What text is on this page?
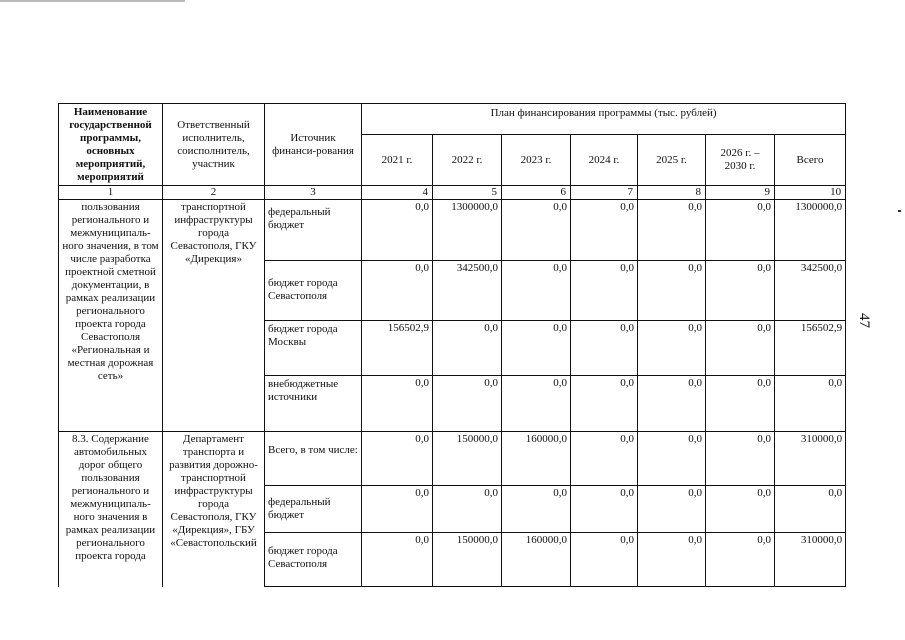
47
Наименование государственной программы, основных мероприятий, мероприятий	Ответственный исполнитель, соисполнитель, участник	Источник финанси-рования	План финансирования программы (тыс. рублей)						
			2021 г.	2022 г.	2023 г.	2024 г.	2025 г.	2026 г. – 2030 г.	Всего
1	2	3	4	5	6	7	8	9	10
пользования регионального и межмуниципаль-ного значения, в том числе разработка проектной сметной документации, в рамках реализации регионального проекта города Севастополя «Региональная и местная дорожная сеть»	транспортной инфраструктуры города Севастополя, ГКУ «Дирекция»	федеральный бюджет	0,0	1300000,0	0,0	0,0	0,0	0,0	1300000,0
		бюджет города Севастополя	0,0	342500,0	0,0	0,0	0,0	0,0	342500,0
		бюджет города Москвы	156502,9	0,0	0,0	0,0	0,0	0,0	156502,9
		внебюджетные источники	0,0	0,0	0,0	0,0	0,0	0,0	0,0
8.3. Содержание автомобильных дорог общего пользования регионального и межмуниципаль-ного значения в рамках реализации регионального проекта города	Департамент транспорта и развития дорожно-транспортной инфраструктуры города Севастополя, ГКУ «Дирекция», ГБУ «Севастопольский	Всего, в том числе:	0,0	150000,0	160000,0	0,0	0,0	0,0	310000,0
		федеральный бюджет	0,0	0,0	0,0	0,0	0,0	0,0	0,0
		бюджет города Севастополя	0,0	150000,0	160000,0	0,0	0,0	0,0	310000,0
